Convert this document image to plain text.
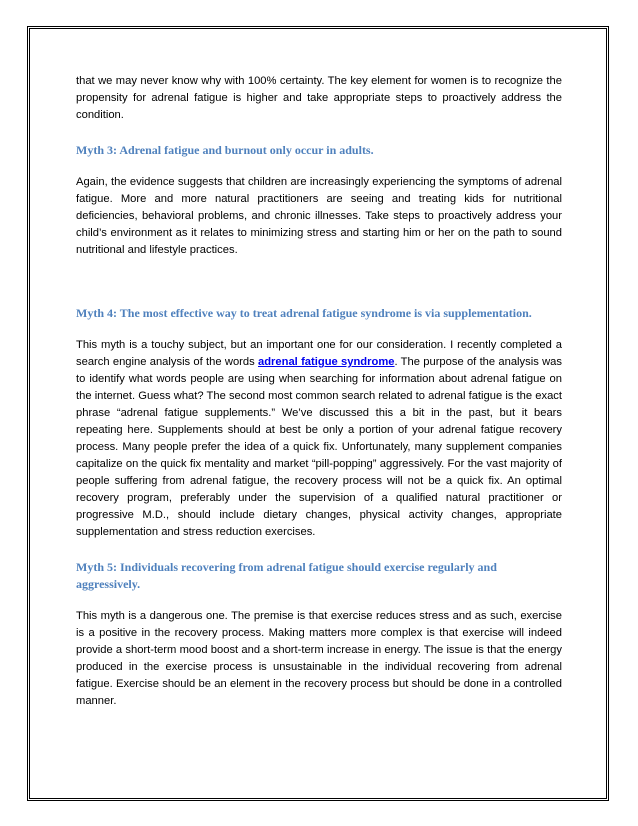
that we may never know why with 100% certainty. The key element for women is to recognize the propensity for adrenal fatigue is higher and take appropriate steps to proactively address the condition.

Myth 3: Adrenal fatigue and burnout only occur in adults.

Again, the evidence suggests that children are increasingly experiencing the symptoms of adrenal fatigue. More and more natural practitioners are seeing and treating kids for nutritional deficiencies, behavioral problems, and chronic illnesses. Take steps to proactively address your child’s environment as it relates to minimizing stress and starting him or her on the path to sound nutritional and lifestyle practices.

Myth 4: The most effective way to treat adrenal fatigue syndrome is via supplementation.

This myth is a touchy subject, but an important one for our consideration. I recently completed a search engine analysis of the words adrenal fatigue syndrome. The purpose of the analysis was to identify what words people are using when searching for information about adrenal fatigue on the internet. Guess what? The second most common search related to adrenal fatigue is the exact phrase “adrenal fatigue supplements.” We’ve discussed this a bit in the past, but it bears repeating here. Supplements should at best be only a portion of your adrenal fatigue recovery process. Many people prefer the idea of a quick fix. Unfortunately, many supplement companies capitalize on the quick fix mentality and market “pill-popping” aggressively. For the vast majority of people suffering from adrenal fatigue, the recovery process will not be a quick fix. An optimal recovery program, preferably under the supervision of a qualified natural practitioner or progressive M.D., should include dietary changes, physical activity changes, appropriate supplementation and stress reduction exercises.

Myth 5: Individuals recovering from adrenal fatigue should exercise regularly and aggressively.

This myth is a dangerous one. The premise is that exercise reduces stress and as such, exercise is a positive in the recovery process. Making matters more complex is that exercise will indeed provide a short-term mood boost and a short-term increase in energy. The issue is that the energy produced in the exercise process is unsustainable in the individual recovering from adrenal fatigue. Exercise should be an element in the recovery process but should be done in a controlled manner.
